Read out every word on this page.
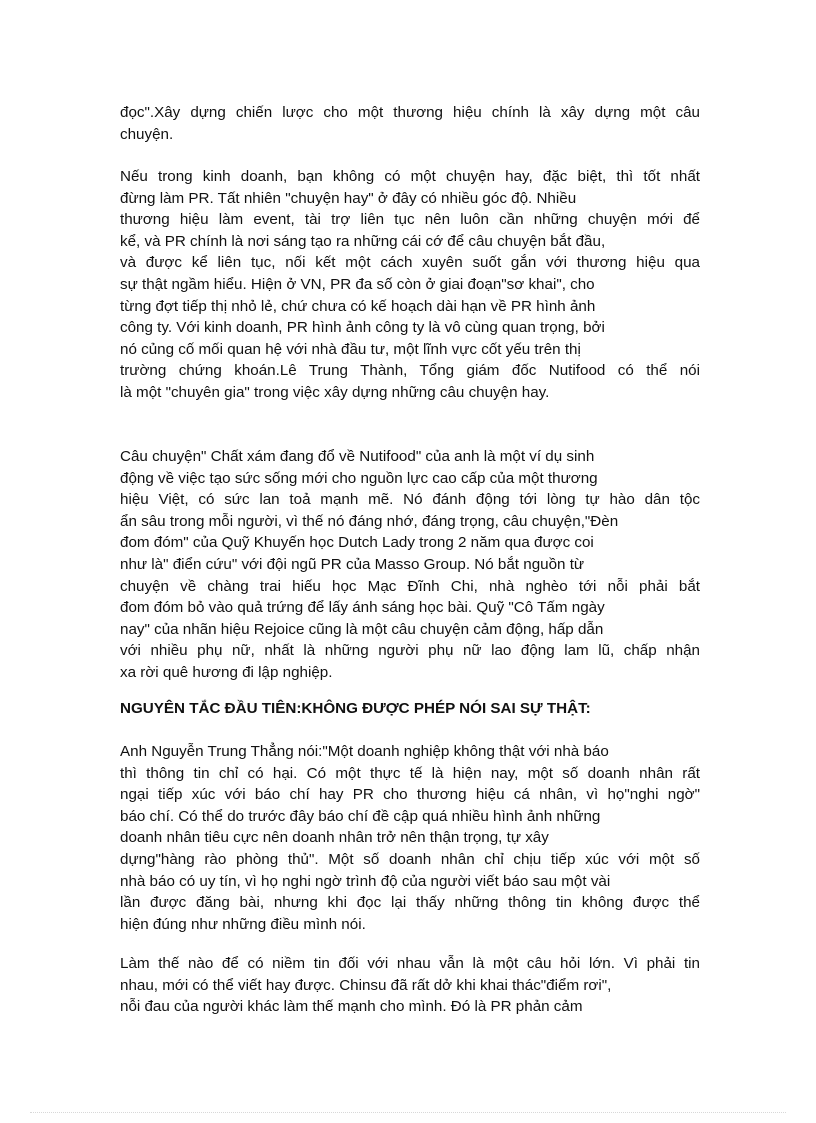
đọc".Xây dựng chiến lược cho một thương hiệu chính là xây dựng một câu
chuyện.
Nếu trong kinh doanh, bạn không có một chuyện hay, đặc biệt, thì tốt nhất
đừng làm PR. Tất nhiên "chuyện hay" ở đây có nhiều góc độ. Nhiều
thương hiệu làm event, tài trợ liên tục nên luôn cần những chuyện mới để
kể, và PR chính là nơi sáng tạo ra những cái cớ để câu chuyện bắt đầu,
và được kể liên tục, nối kết một cách xuyên suốt gắn với thương hiệu qua
sự thật ngầm hiểu. Hiện ở VN, PR đa số còn ở giai đoạn"sơ khai", cho
từng đợt tiếp thị nhỏ lẻ, chứ chưa có kế hoạch dài hạn về PR hình ảnh
công ty. Với kinh doanh, PR hình ảnh công ty là vô cùng quan trọng, bởi
nó củng cố mối quan hệ với nhà đầu tư, một lĩnh vực cốt yếu trên thị
trường chứng khoán.Lê Trung Thành, Tổng giám đốc Nutifood có thể nói
là một "chuyên gia" trong việc xây dựng những câu chuyện hay.
Câu chuyện" Chất xám đang đổ về Nutifood" của anh là một ví dụ sinh
động về việc tạo sức sống mới cho nguồn lực cao cấp của một thương
hiệu Việt, có sức lan toả mạnh mẽ. Nó đánh động tới lòng tự hào dân tộc
ẩn sâu trong mỗi người, vì thế nó đáng nhớ, đáng trọng, câu chuyện,"Đèn
đom đóm" của Quỹ Khuyến học Dutch Lady trong 2 năm qua được coi
như là" điển cứu" với đội ngũ PR của Masso Group. Nó bắt nguồn từ
chuyện về chàng trai hiếu học Mạc Đĩnh Chi, nhà nghèo tới nỗi phải bắt
đom đóm bỏ vào quả trứng để lấy ánh sáng học bài. Quỹ "Cô Tấm ngày
nay" của nhãn hiệu Rejoice cũng là một câu chuyện cảm động, hấp dẫn
với nhiều phụ nữ, nhất là những người phụ nữ lao động lam lũ, chấp nhận
xa rời quê hương đi lập nghiệp.
NGUYÊN TẮC ĐẦU TIÊN:KHÔNG ĐƯỢC PHÉP NÓI SAI SỰ THẬT:
Anh Nguyễn Trung Thẳng nói:"Một doanh nghiệp không thật với nhà báo
thì thông tin chỉ có hại. Có một thực tế là hiện nay, một số doanh nhân rất
ngại tiếp xúc với báo chí hay PR cho thương hiệu cá nhân, vì họ"nghi ngờ"
báo chí. Có thể do trước đây báo chí đề cập quá nhiều hình ảnh những
doanh nhân tiêu cực nên doanh nhân trở nên thận trọng, tự xây
dựng"hàng rào phòng thủ". Một số doanh nhân chỉ chịu tiếp xúc với một số
nhà báo có uy tín, vì họ nghi ngờ trình độ của người viết báo sau một vài
lần được đăng bài, nhưng khi đọc lại thấy những thông tin không được thể
hiện đúng như những điều mình nói.
Làm thế nào để có niềm tin đối với nhau vẫn là một câu hỏi lớn. Vì phải tin
nhau, mới có thể viết hay được. Chinsu đã rất dở khi khai thác"điểm rơi",
nỗi đau của người khác làm thế mạnh cho mình. Đó là PR phản cảm
